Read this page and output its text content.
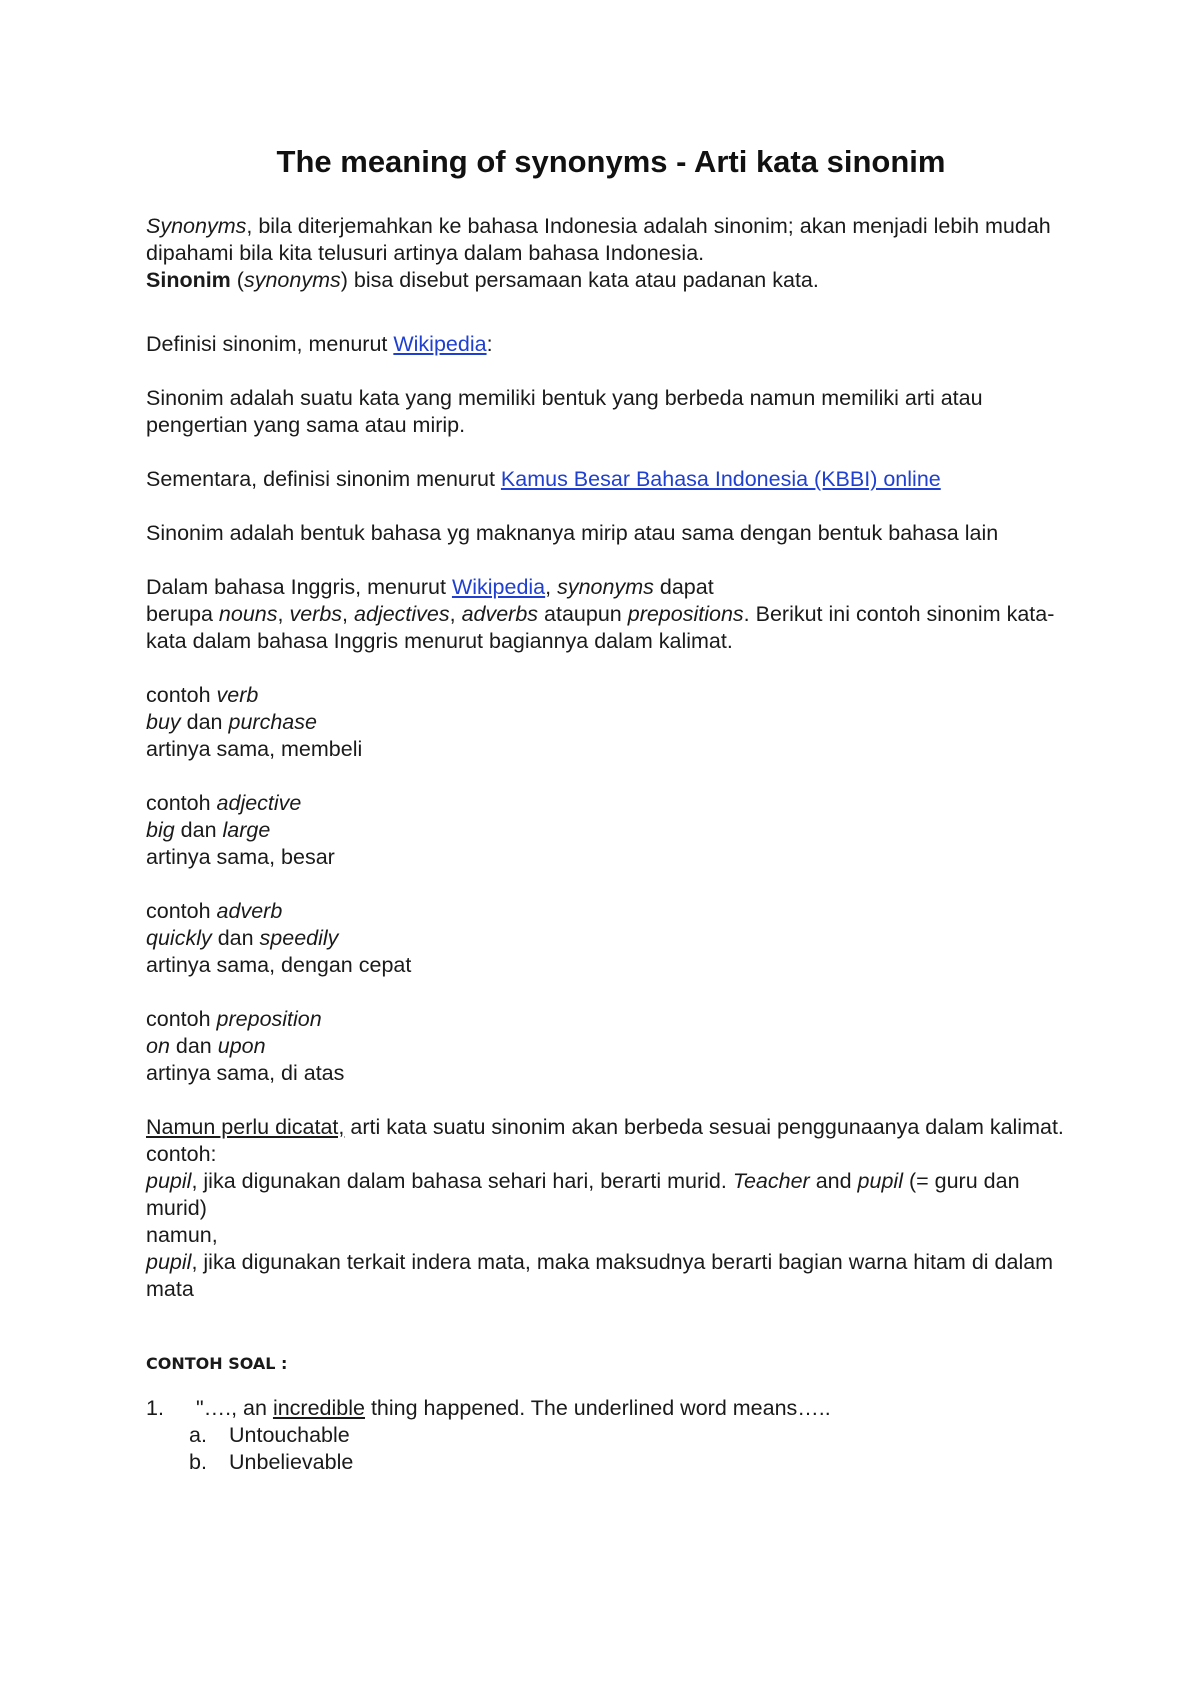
The meaning of synonyms - Arti kata sinonim

Synonyms, bila diterjemahkan ke bahasa Indonesia adalah sinonim; akan menjadi lebih mudah dipahami bila kita telusuri artinya dalam bahasa Indonesia.

Sinonim (synonyms) bisa disebut persamaan kata atau padanan kata.

Definisi sinonim, menurut Wikipedia:

Sinonim adalah suatu kata yang memiliki bentuk yang berbeda namun memiliki arti atau pengertian yang sama atau mirip.

Sementara, definisi sinonim menurut Kamus Besar Bahasa Indonesia (KBBI) online

Sinonim adalah bentuk bahasa yg maknanya mirip atau sama dengan bentuk bahasa lain

Dalam bahasa Inggris, menurut Wikipedia, synonyms dapat
berupa nouns, verbs, adjectives, adverbs ataupun prepositions. Berikut ini contoh sinonim kata-kata dalam bahasa Inggris menurut bagiannya dalam kalimat.

contoh verb

buy dan purchase

artinya sama, membeli

contoh adjective

big dan large

artinya sama, besar

contoh adverb

quickly dan speedily

artinya sama, dengan cepat

contoh preposition

on dan upon

artinya sama, di atas

Namun perlu dicatat, arti kata suatu sinonim akan berbeda sesuai penggunaanya dalam kalimat.

contoh:

pupil, jika digunakan dalam bahasa sehari hari, berarti murid. Teacher and pupil (= guru dan murid)

namun,

pupil, jika digunakan terkait indera mata, maka maksudnya berarti bagian warna hitam di dalam mata

CONTOH SOAL :

1.	"…., an incredible thing happened. The underlined word means…..
a.	Untouchable
b.	Unbelievable
